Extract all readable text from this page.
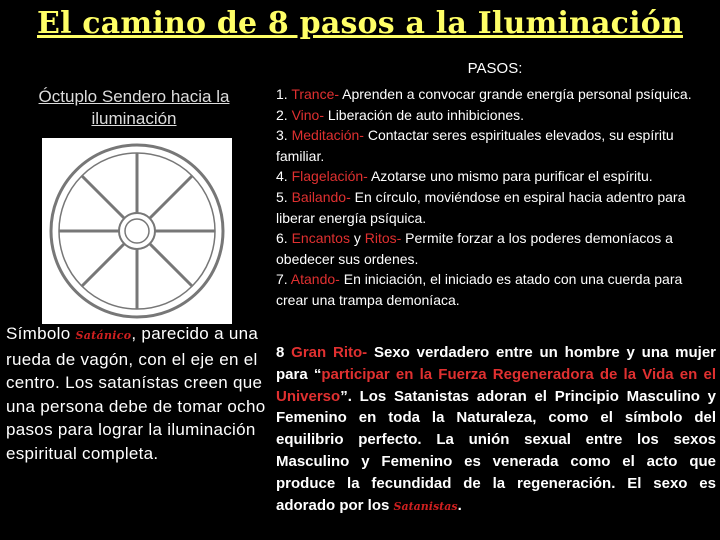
El camino de 8 pasos a la Iluminación
PASOS:
Óctuplo Sendero hacia la iluminación
Símbolo Satánico, parecido a una rueda de vagón, con el eje en el centro. Los satanístas creen que una persona debe de tomar ocho pasos para lograr la iluminación espiritual completa.

1. Trance- Aprenden a convocar grande energía personal psíquica.

2. Vino- Liberación de auto inhibiciones.

3. Meditación- Contactar seres espirituales elevados, su espíritu familiar.

4. Flagelación- Azotarse uno mismo para purificar el espíritu.

5. Bailando- En círculo, moviéndose en espiral hacia adentro para liberar energía psíquica.

6. Encantos y Ritos- Permite forzar a los poderes demoníacos a obedecer sus ordenes.

7. Atando- En iniciación, el iniciado es atado con una cuerda para crear una trampa demoníaca.

8 Gran Rito- Sexo verdadero entre un hombre y una mujer para “participar en la Fuerza Regeneradora de la Vida en el Universo”. Los Satanistas adoran el Principio Masculino y Femenino en toda la Naturaleza, como el símbolo del equilibrio perfecto. La unión sexual entre los sexos Masculino y Femenino es venerada como el acto que produce la fecundidad de la regeneración. El sexo es adorado por los Satanistas.
